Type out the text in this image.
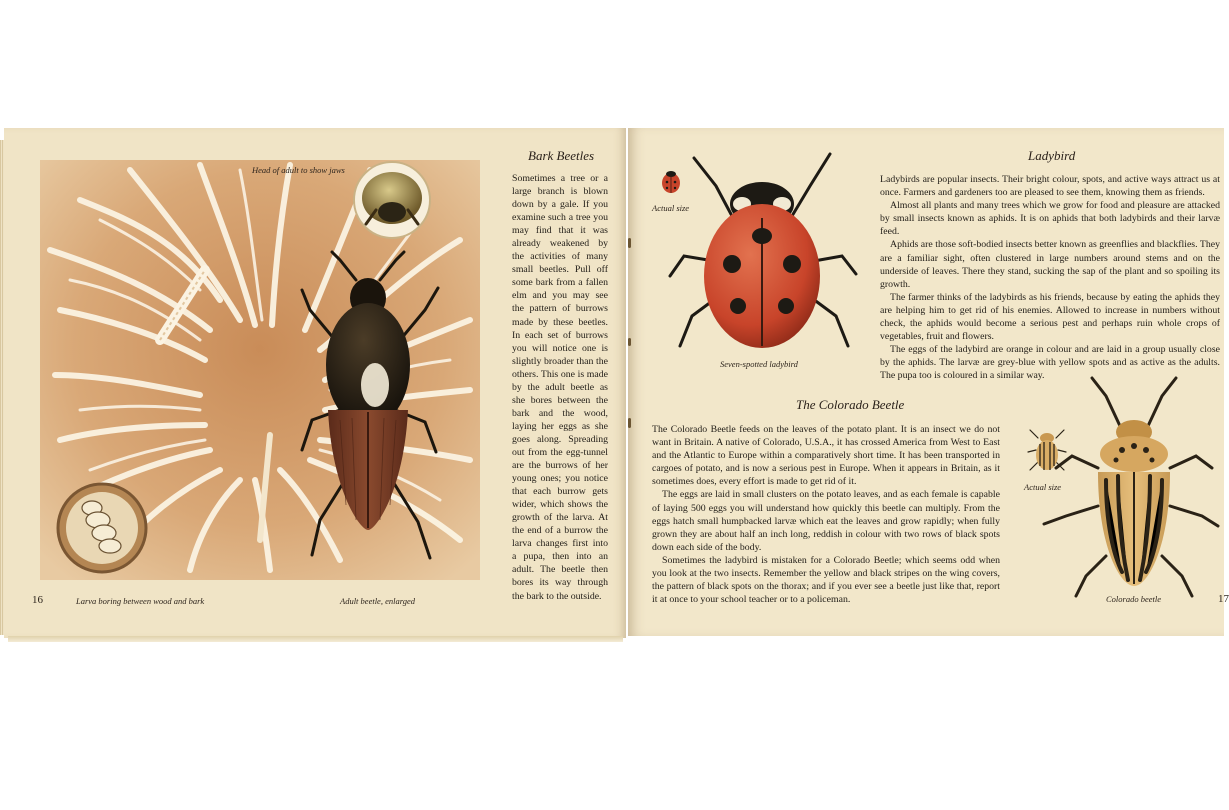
Head of adult to show jaws
16	Larva boring between wood and bark	Adult beetle, enlarged
Bark Beetles

Sometimes a tree or a large branch is blown down by a gale. If you examine such a tree you may find that it was already weakened by the activities of many small beetles. Pull off some bark from a fallen elm and you may see the pattern of burrows made by these beetles. In each set of burrows you will notice one is slightly broader than the others. This one is made by the adult beetle as she bores between the bark and the wood, laying her eggs as she goes along. Spreading out from the egg-tunnel are the burrows of her young ones; you notice that each burrow gets wider, which shows the growth of the larva. At the end of a burrow the larva changes first into a pupa, then into an adult. The beetle then bores its way through the bark to the outside.

Actual size
Seven-spotted ladybird
Ladybird

Ladybirds are popular insects. Their bright colour, spots, and active ways attract us at once. Farmers and gardeners too are pleased to see them, knowing them as friends.

Almost all plants and many trees which we grow for food and pleasure are attacked by small insects known as aphids. It is on aphids that both ladybirds and their larvæ feed.

Aphids are those soft-bodied insects better known as greenflies and blackflies. They are a familiar sight, often clustered in large numbers around stems and on the underside of leaves. There they stand, sucking the sap of the plant and so spoiling its growth.

The farmer thinks of the ladybirds as his friends, because by eating the aphids they are helping him to get rid of his enemies. Allowed to increase in numbers without check, the aphids would become a serious pest and perhaps ruin whole crops of vegetables, fruit and flowers.

The eggs of the ladybird are orange in colour and are laid in a group usually close by the aphids. The larvæ are grey-blue with yellow spots and as active as the adults. The pupa too is coloured in a similar way.

The Colorado Beetle

The Colorado Beetle feeds on the leaves of the potato plant. It is an insect we do not want in Britain. A native of Colorado, U.S.A., it has crossed America from West to East and the Atlantic to Europe within a comparatively short time. It has been transported in cargoes of potato, and is now a serious pest in Europe. When it appears in Britain, as it sometimes does, every effort is made to get rid of it.

The eggs are laid in small clusters on the potato leaves, and as each female is capable of laying 500 eggs you will understand how quickly this beetle can multiply. From the eggs hatch small humpbacked larvæ which eat the leaves and grow rapidly; when fully grown they are about half an inch long, reddish in colour with two rows of black spots down each side of the body.

Sometimes the ladybird is mistaken for a Colorado Beetle; which seems odd when you look at the two insects. Remember the yellow and black stripes on the wing covers, the pattern of black spots on the thorax; and if you ever see a beetle just like that, report it at once to your school teacher or to a policeman.

Actual size
Colorado beetle	17
